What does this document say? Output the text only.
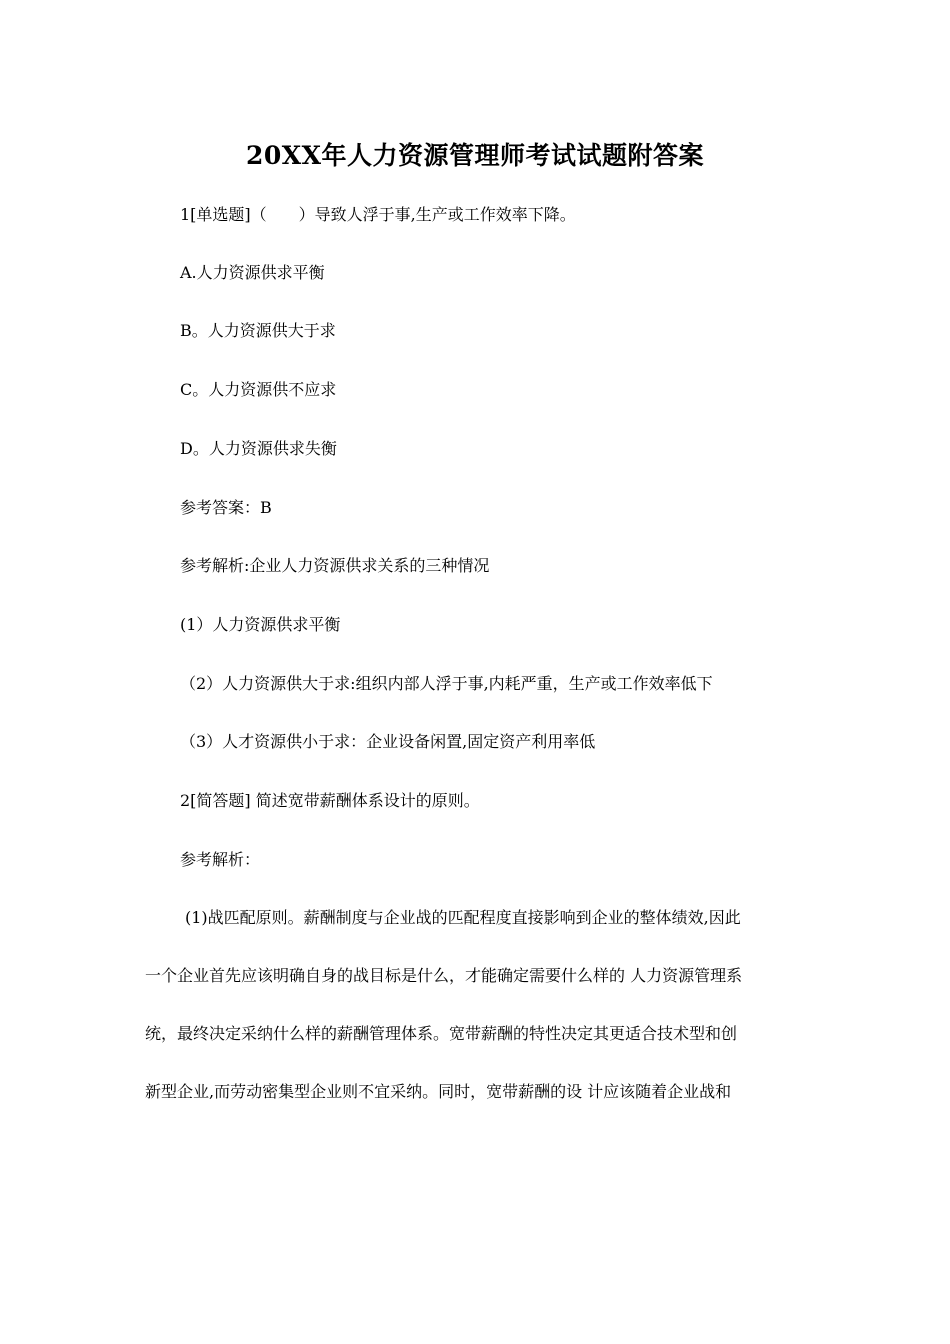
20XX年人力资源管理师考试试题附答案
1[单选题]（　　）导致人浮于事,生产或工作效率下降。
A.人力资源供求平衡
B。人力资源供大于求
C。人力资源供不应求
D。人力资源供求失衡
参考答案：B
参考解析:企业人力资源供求关系的三种情况
(1）人力资源供求平衡
（2）人力资源供大于求:组织内部人浮于事,内耗严重，生产或工作效率低下
（3）人才资源供小于求：企业设备闲置,固定资产利用率低
2[简答题] 简述宽带薪酬体系设计的原则。
参考解析：
(1)战匹配原则。薪酬制度与企业战的匹配程度直接影响到企业的整体绩效,因此
一个企业首先应该明确自身的战目标是什么，才能确定需要什么样的 人力资源管理系
统，最终决定采纳什么样的薪酬管理体系。宽带薪酬的特性决定其更适合技术型和创
新型企业,而劳动密集型企业则不宜采纳。同时，宽带薪酬的设 计应该随着企业战和
